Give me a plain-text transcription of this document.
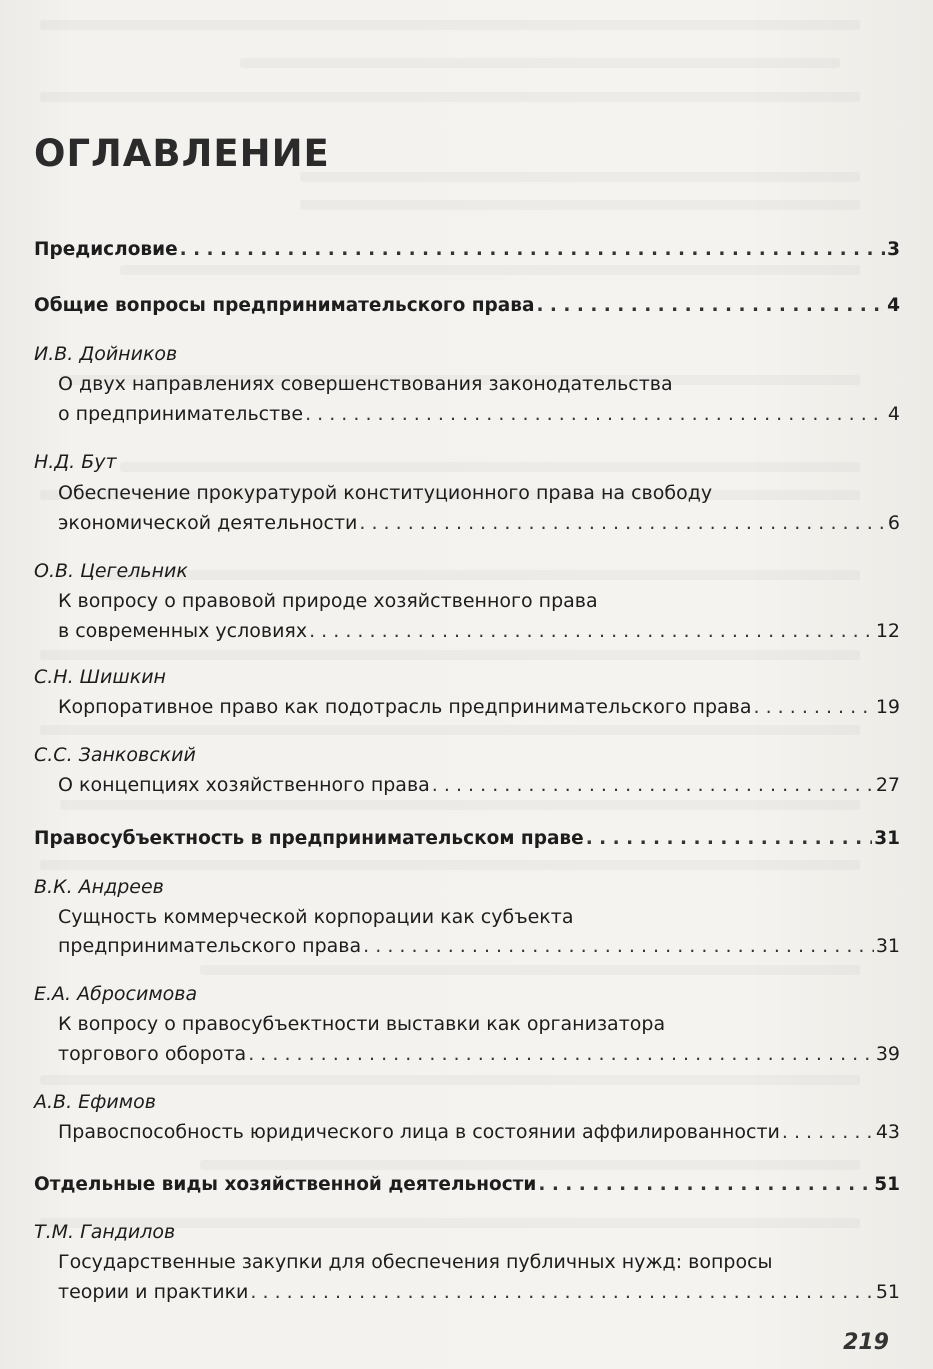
ОГЛАВЛЕНИЕ
Предисловие . . .	3
Общие вопросы предпринимательского права . . .	4
И.В. Дойников
О двух направлениях совершенствования законодательства
о предпринимательстве . . .	4
Н.Д. Бут
Обеспечение прокуратурой конституционного права на свободу
экономической деятельности . . .	6
О.В. Цегельник
К вопросу о правовой природе хозяйственного права
в современных условиях . . .	12
С.Н. Шишкин
Корпоративное право как подотрасль предпринимательского права . . .	19
С.С. Занковский
О концепциях хозяйственного права . . .	27
Правосубъектность в предпринимательском праве . . .	31
В.К. Андреев
Сущность коммерческой корпорации как субъекта
предпринимательского права . . .	31
Е.А. Абросимова
К вопросу о правосубъектности выставки как организатора
торгового оборота . . .	39
А.В. Ефимов
Правоспособность юридического лица в состоянии аффилированности . . .	43
Отдельные виды хозяйственной деятельности . . .	51
Т.М. Гандилов
Государственные закупки для обеспечения публичных нужд: вопросы
теории и практики . . .	51
219
